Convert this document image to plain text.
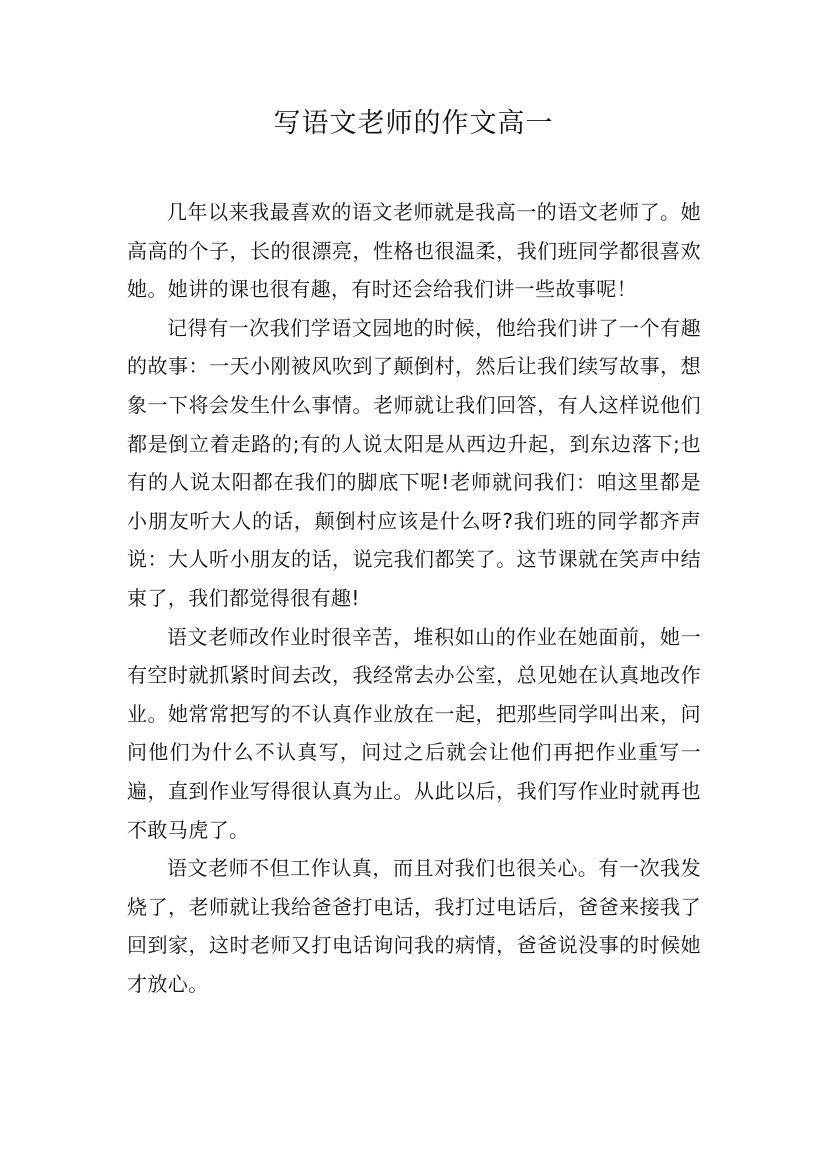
写语文老师的作文高一

几年以来我最喜欢的语文老师就是我高一的语文老师了。她高高的个子，长的很漂亮，性格也很温柔，我们班同学都很喜欢她。她讲的课也很有趣，有时还会给我们讲一些故事呢！

记得有一次我们学语文园地的时候，他给我们讲了一个有趣的故事：一天小刚被风吹到了颠倒村，然后让我们续写故事，想象一下将会发生什么事情。老师就让我们回答，有人这样说他们都是倒立着走路的;有的人说太阳是从西边升起，到东边落下;也有的人说太阳都在我们的脚底下呢!老师就问我们：咱这里都是小朋友听大人的话，颠倒村应该是什么呀?我们班的同学都齐声说：大人听小朋友的话，说完我们都笑了。这节课就在笑声中结束了，我们都觉得很有趣!

语文老师改作业时很辛苦，堆积如山的作业在她面前，她一有空时就抓紧时间去改，我经常去办公室，总见她在认真地改作业。她常常把写的不认真作业放在一起，把那些同学叫出来，问问他们为什么不认真写，问过之后就会让他们再把作业重写一遍，直到作业写得很认真为止。从此以后，我们写作业时就再也不敢马虎了。

语文老师不但工作认真，而且对我们也很关心。有一次我发烧了，老师就让我给爸爸打电话，我打过电话后，爸爸来接我了回到家，这时老师又打电话询问我的病情，爸爸说没事的时候她才放心。
